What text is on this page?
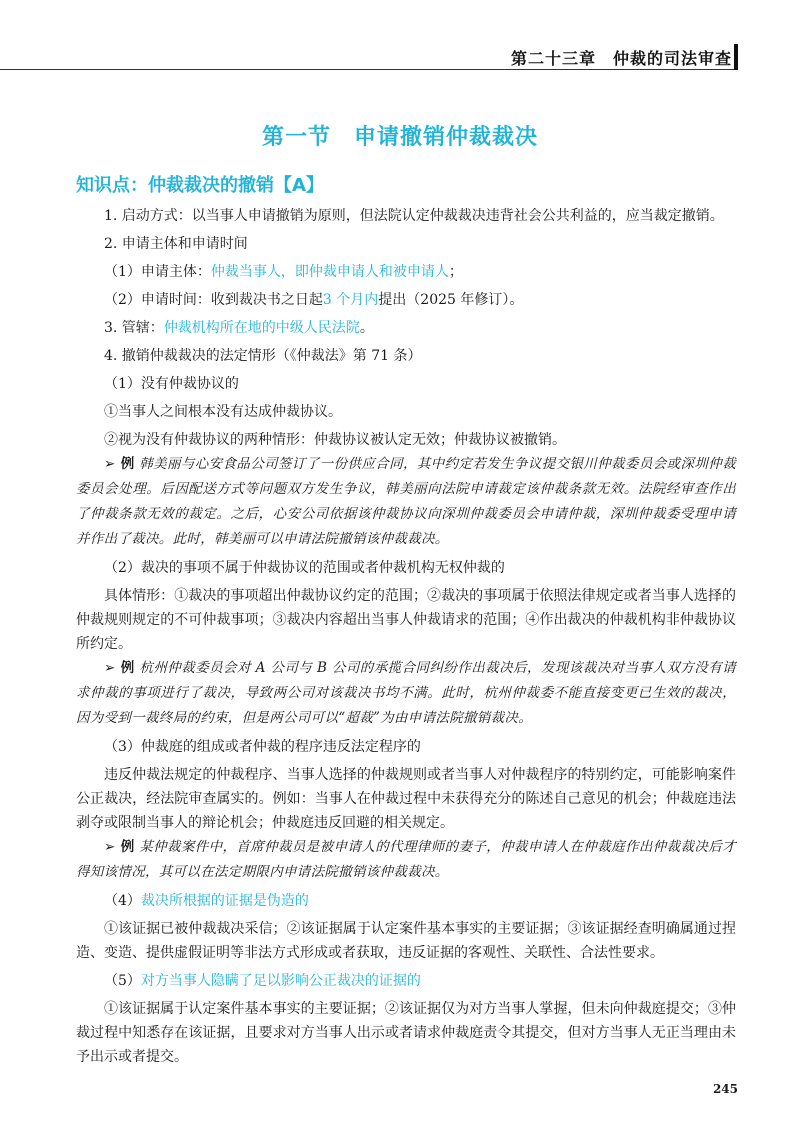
第二十三章　仲裁的司法审查
第一节　申请撤销仲裁裁决
知识点：仲裁裁决的撤销【A】

1. 启动方式：以当事人申请撤销为原则，但法院认定仲裁裁决违背社会公共利益的，应当裁定撤销。

2. 申请主体和申请时间

（1）申请主体：仲裁当事人，即仲裁申请人和被申请人；

（2）申请时间：收到裁决书之日起3 个月内提出（2025 年修订）。

3. 管辖：仲裁机构所在地的中级人民法院。

4. 撤销仲裁裁决的法定情形（《仲裁法》第 71 条）

（1）没有仲裁协议的

①当事人之间根本没有达成仲裁协议。

②视为没有仲裁协议的两种情形：仲裁协议被认定无效；仲裁协议被撤销。

➢ 例 韩美丽与心安食品公司签订了一份供应合同，其中约定若发生争议提交银川仲裁委员会或深圳仲裁委员会处理。后因配送方式等问题双方发生争议，韩美丽向法院申请裁定该仲裁条款无效。法院经审查作出了仲裁条款无效的裁定。之后，心安公司依据该仲裁协议向深圳仲裁委员会申请仲裁，深圳仲裁委受理申请并作出了裁决。此时，韩美丽可以申请法院撤销该仲裁裁决。

（2）裁决的事项不属于仲裁协议的范围或者仲裁机构无权仲裁的

具体情形：①裁决的事项超出仲裁协议约定的范围；②裁决的事项属于依照法律规定或者当事人选择的仲裁规则规定的不可仲裁事项；③裁决内容超出当事人仲裁请求的范围；④作出裁决的仲裁机构非仲裁协议所约定。

➢ 例 杭州仲裁委员会对 A 公司与 B 公司的承揽合同纠纷作出裁决后，发现该裁决对当事人双方没有请求仲裁的事项进行了裁决，导致两公司对该裁决书均不满。此时，杭州仲裁委不能直接变更已生效的裁决，因为受到一裁终局的约束，但是两公司可以“超裁”为由申请法院撤销裁决。

（3）仲裁庭的组成或者仲裁的程序违反法定程序的

违反仲裁法规定的仲裁程序、当事人选择的仲裁规则或者当事人对仲裁程序的特别约定，可能影响案件公正裁决，经法院审查属实的。例如：当事人在仲裁过程中未获得充分的陈述自己意见的机会；仲裁庭违法剥夺或限制当事人的辩论机会；仲裁庭违反回避的相关规定。

➢ 例 某仲裁案件中，首席仲裁员是被申请人的代理律师的妻子，仲裁申请人在仲裁庭作出仲裁裁决后才得知该情况，其可以在法定期限内申请法院撤销该仲裁裁决。

（4）裁决所根据的证据是伪造的

①该证据已被仲裁裁决采信；②该证据属于认定案件基本事实的主要证据；③该证据经查明确属通过捏造、变造、提供虚假证明等非法方式形成或者获取，违反证据的客观性、关联性、合法性要求。

（5）对方当事人隐瞒了足以影响公正裁决的证据的

①该证据属于认定案件基本事实的主要证据；②该证据仅为对方当事人掌握，但未向仲裁庭提交；③仲裁过程中知悉存在该证据，且要求对方当事人出示或者请求仲裁庭责令其提交，但对方当事人无正当理由未予出示或者提交。

245
